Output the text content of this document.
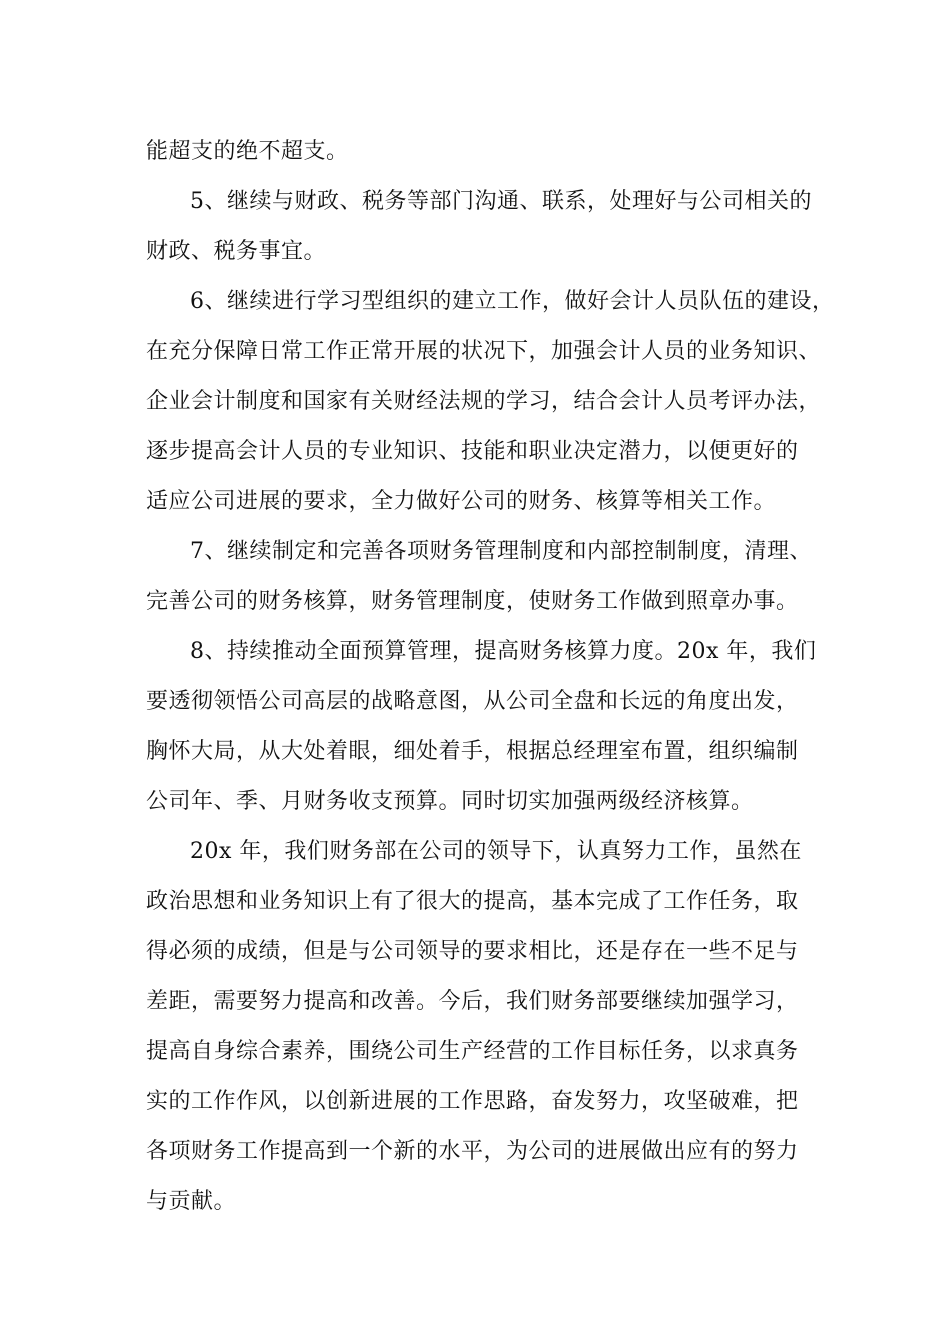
能超支的绝不超支。
5、继续与财政、税务等部门沟通、联系，处理好与公司相关的
财政、税务事宜。
6、继续进行学习型组织的建立工作，做好会计人员队伍的建设，
在充分保障日常工作正常开展的状况下，加强会计人员的业务知识、
企业会计制度和国家有关财经法规的学习，结合会计人员考评办法，
逐步提高会计人员的专业知识、技能和职业决定潜力，以便更好的
适应公司进展的要求，全力做好公司的财务、核算等相关工作。
7、继续制定和完善各项财务管理制度和内部控制制度，清理、
完善公司的财务核算，财务管理制度，使财务工作做到照章办事。
8、持续推动全面预算管理，提高财务核算力度。20x 年，我们
要透彻领悟公司高层的战略意图，从公司全盘和长远的角度出发，
胸怀大局，从大处着眼，细处着手，根据总经理室布置，组织编制
公司年、季、月财务收支预算。同时切实加强两级经济核算。
20x 年，我们财务部在公司的领导下，认真努力工作，虽然在
政治思想和业务知识上有了很大的提高，基本完成了工作任务，取
得必须的成绩，但是与公司领导的要求相比，还是存在一些不足与
差距，需要努力提高和改善。今后，我们财务部要继续加强学习，
提高自身综合素养，围绕公司生产经营的工作目标任务，以求真务
实的工作作风，以创新进展的工作思路，奋发努力，攻坚破难，把
各项财务工作提高到一个新的水平，为公司的进展做出应有的努力
与贡献。
